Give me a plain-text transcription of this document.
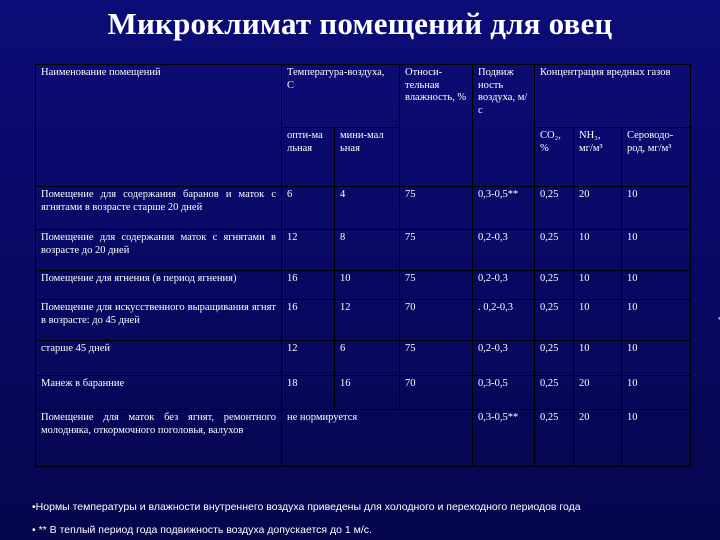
Микроклимат помещений для овец
Наименование помещений	Температура-воздуха, С		Относи-тельная влажность, %	Подвиж ность воздуха, м/с	Концентрация вредных газов		
	опти-ма льная	мини-мал ьная			CO₂, %	NH₃, мг/м³	Сероводо-род, мг/м³
Помещение для содержания баранов и маток с ягнятами в возрасте старше 20 дней	6	4	75	0,3-0,5**	0,25	20	10
Помещение для содержания маток с ягнятами в возрасте до 20 дней	12	8	75	0,2-0,3	0,25	10	10
Помещение для ягнения (в период ягнения)	16	10	75	0,2-0,3	0,25	10	10
Помещение для искусственного выращивания ягнят в возрасте: до 45 дней	16	12	70	. 0,2-0,3	0,25	10	10
старше 45 дней	12	6	75	0,2-0,3	0,25	10	10
Манеж в баранние	18	16	70	0,3-0,5	0,25	20	10
Помещение для маток без ягнят, ремонтного молодняка, откормочного поголовья, валухов	не нормируется			0,3-0,5**	0,25	20	10
•Нормы температуры и влажности внутреннего воздуха приведены для холодного и переходного периодов года
• ** В теплый период года подвижность воздуха допускается до 1 м/с.
